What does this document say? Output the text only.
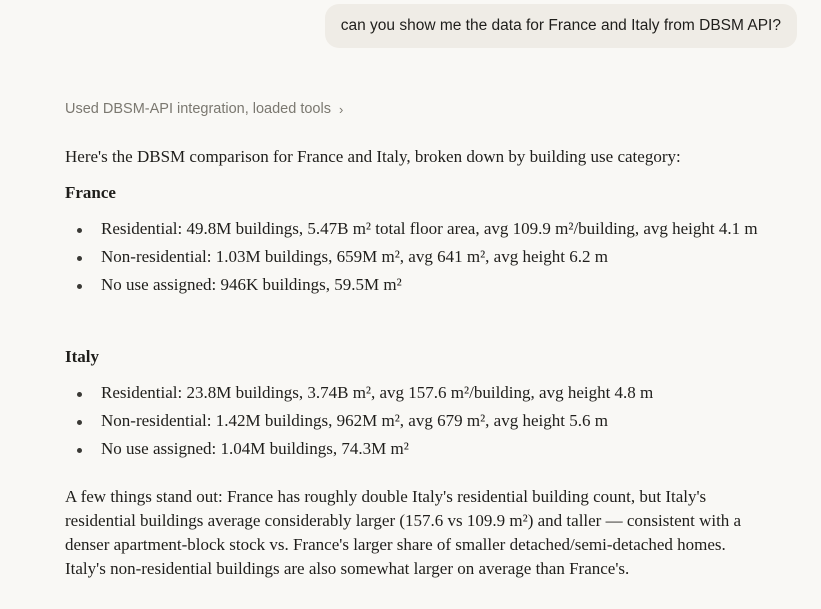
can you show me the data for France and Italy from DBSM API?
Used DBSM-API integration, loaded tools ›

Here's the DBSM comparison for France and Italy, broken down by building use category:

France

Residential: 49.8M buildings, 5.47B m² total floor area, avg 109.9 m²/building, avg height 4.1 m
Non-residential: 1.03M buildings, 659M m², avg 641 m², avg height 6.2 m
No use assigned: 946K buildings, 59.5M m²

Italy

Residential: 23.8M buildings, 3.74B m², avg 157.6 m²/building, avg height 4.8 m
Non-residential: 1.42M buildings, 962M m², avg 679 m², avg height 5.6 m
No use assigned: 1.04M buildings, 74.3M m²

A few things stand out: France has roughly double Italy's residential building count, but Italy's residential buildings average considerably larger (157.6 vs 109.9 m²) and taller — consistent with a denser apartment-block stock vs. France's larger share of smaller detached/semi-detached homes. Italy's non-residential buildings are also somewhat larger on average than France's.
